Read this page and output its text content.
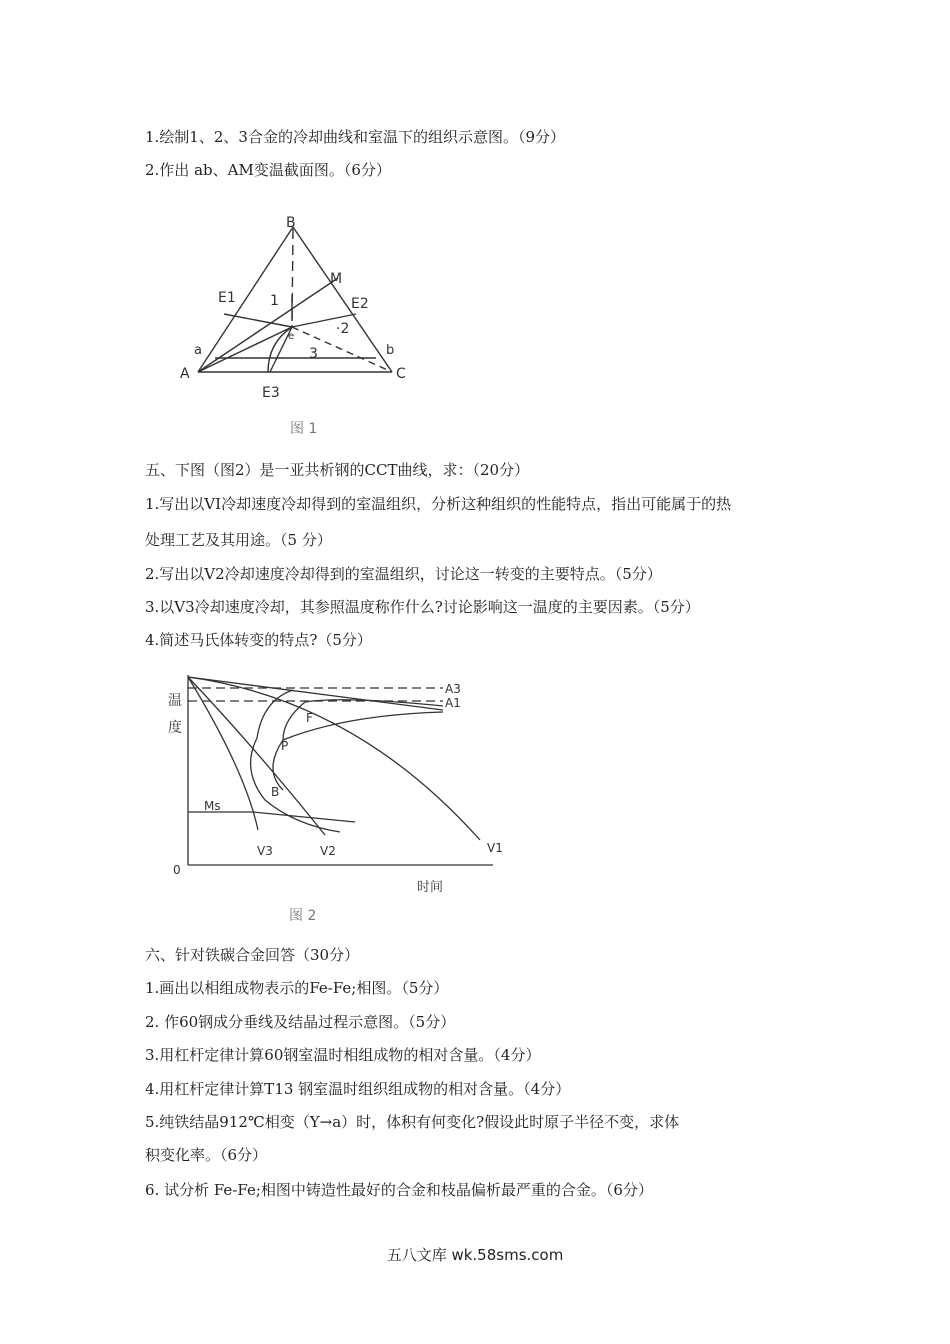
1.绘制1、2、3合金的冷却曲线和室温下的组织示意图。（9分）
2.作出 ab、AM变温截面图。（6分）
B
M
E1	E2
E3
a	b
A	C
1
·2
3
e
图 1
五、下图（图2）是一亚共析钢的CCT曲线，求：（20分）
1.写出以VI冷却速度冷却得到的室温组织，分析这种组织的性能特点，指出可能属于的热
处理工艺及其用途。（5 分）
2.写出以V2冷却速度冷却得到的室温组织，讨论这一转变的主要特点。（5分）
3.以V3冷却速度冷却，其参照温度称作什么?讨论影响这一温度的主要因素。（5分）
4.简述马氏体转变的特点?（5分）
温
度
A3
A1
F
P
B
Ms
V1
V2
V3
0
时间
图 2
六、针对铁碳合金回答（30分）
1.画出以相组成物表示的Fe-Fe;相图。（5分）
2. 作60钢成分垂线及结晶过程示意图。（5分）
3.用杠杆定律计算60钢室温时相组成物的相对含量。（4分）
4.用杠杆定律计算T13 钢室温时组织组成物的相对含量。（4分）
5.纯铁结晶912℃相变（Y→a）时，体积有何变化?假设此时原子半径不变，求体
积变化率。（6分）
6. 试分析 Fe-Fe;相图中铸造性最好的合金和枝晶偏析最严重的合金。（6分）
五八文库 wk.58sms.com
